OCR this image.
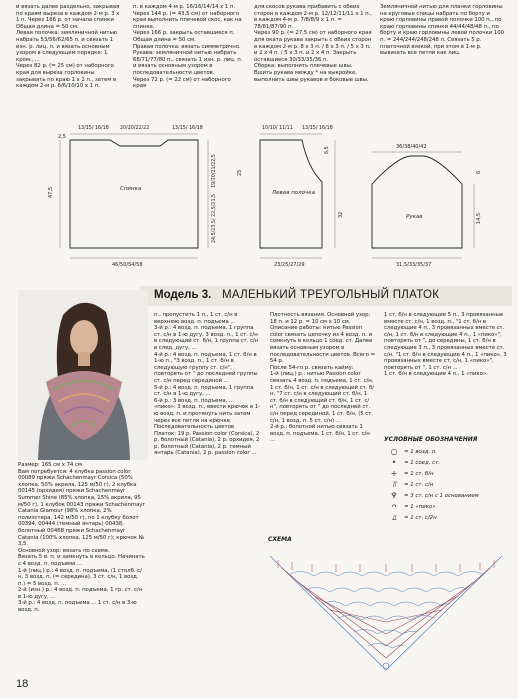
и вязать далее раздельно, закрывая по краям выреза в каждом 2-м р. 3 х 1 п. Через 166 р. от начала спинки Общая длина = 50 см.
Левая полочка: земляничной нитью набрать 53/56/62/65 п. и связать 1 изн. р. лиц. п. и вязать основным узором в следующем порядке: 1 кром., ...
Через 82 р. (= 25 см) от наборного края для выреза горловины закрывать по краю 1 х 1 п., затем в каждом 2-м р. 6/6/10/10 х 1 п.
п. в каждом 4-м р. 16/16/14/14 х 1 п. Через 144 р. (= 43,5 см) от наборного края выполнить плечевой скос, как на спинке.
Через 166 р. закрыть оставшиеся п. Общая длина = 50 см.
Правая полочка: вязать симметрично.
Рукава: земляничной нитью набрать 68/71/77/80 п., связать 1 изн. р. лиц. п. и вязать основным узором в последовательности цветов.
Через 72 р. (= 22 см) от наборного края
для скосов рукава прибавить с обеих сторон в каждом 2-м р. 12/12/11/11 х 1 п., в каждом 4-м р. 7/8/8/9 х 1 п. = 78/81/87/90 п.
Через 90 р. (= 27,5 см) от наборного края для оката рукава закрыть с обеих сторон в каждом 2-м р. 8 х 3 п. / 8 х 3 п. / 5 х 3 п. и 2 х 4 п. / 5 х 3 п. и 2 х 4 п. Закрыть оставшиеся 30/33/35/36 п.
Сборка: выполнить плечевые швы. Вшить рукава между * на выкройке, выполнить швы рукавов и боковые швы.
Земляничной нитью для планки горловины на круговые спицы набрать по борту и краю горловины правой полочки 100 п., по краю горловины спинки 44/44/48/48 п., по борту и краю горловины левой полочки 100 п. = 244/244/248/248 п. Связать 5 р. платочной вязкой, при этом в 1-м р. вывязать все петли как лиц.
Спинка
Левая полочка
Рукав
46/50/54/58	23/25/27/29	31,5/33/35/37
13/15/ 16/18 20/20/22/22	13/15/ 16/18	10/10/ 11/11 13/15/ 16/18
36/38/40/42
47,5
24,5/23,5/ 22,5/21,5
19/20/21/22,5	25
2,5
6,5
32	14,5
6
Модель 3. МАЛЕНЬКИЙ ТРЕУГОЛЬНЫЙ ПЛАТОК
Размер: 165 см х 74 см
Вам потребуется: 4 клубка passion color 00089 пряжи Schachenmayr Corsica (50% хлопка, 50% акрила, 125 м/50 г), 2 клубка 00145 (орхидея) пряжи Schachenmayr Summer Shine (85% хлопка, 15% акрила, 95 м/50 г), 1 клубок 00143 пряжи Schachenmayr Catania Glamour (98% хлопка, 2% полиэстера, 142 м/50 г), по 1 клубку болот 00394, 00444 (темный янтарь) 00438, болотный 00468 пряжи Schachenmayr Catania (100% хлопка, 125 м/50 г); крючок № 3,5.
Основной узор: вязать по схеме.
Вязать 5 в. п. и замкнуть в кольцо. Начинать с 4 возд. п. подъема ...
1-й (лиц.) р.: 4 возд. п. подъема, (1 столб. с/н, 3 возд. п. (= середина), 3 ст. с/н, 1 возд. п.) = 5 возд. п. ...
2-й (изн.) р.: 4 возд. п. подъема, 1 гр. ст. с/н в 1-ю дугу, ...
3-й р.: 4 возд. п. подъема ... 1 ст. с/н в 3-ю возд. п.
п., пропустить 1 п., 1 ст. с/н в верхнюю возд. п. подъема ...
3-й р.: 4 возд. п. подъема, 1 группа ст. с/н в 1-ю дугу, 3 возд. п., 1 ст. с/н в следующий ст. б/н, 1 группа ст. с/н в след. дугу, ...
4-й р.: 4 возд. п. подъема, 1 ст. б/н в 1-ю п., "3 возд. п., 1 ст. б/н в следующую группу ст. с/н", повторять от " до последней группы ст. с/н перед серединой ...
5-й р.: 4 возд. п. подъема, 1 группа ст. с/н в 1-ю дугу, ...
6-й р.: 3 возд. п. подъема, ...
«пико»: 3 возд. п., ввести крючок в 1-ю возд. п. и протянуть нить затем через все петли на крючке.
Последовательность цветов
Платок: 19 р. Passion color (Corsica), 2 р. болотный (Catania), 2 р. орхидея, 2 р. болотный (Catania), 2 р. темный янтарь (Catania), 2 р. passion color ...
Плотность вязания. Основной узор: 18 п. и 12 р. = 10 см х 10 см.
Описание работы: нитью Passion color связать цепочку из 4 возд. п. и сомкнуть в кольцо 1 соед. ст. Далее вязать основным узором в последовательности цветов. Всего = 54 р.
После 54-го р. связать кайму:
1-й (лиц.) р.: нитью Passion color связать 4 возд. п. подъема, 1 ст. с/н, 1 ст. б/н, 1 ст. с/н в следующий ст. б/н, "7 ст. с/н в следующий ст. б/н, 1 ст. б/н в следующий ст. б/н, 1 ст. с/н", повторять от " до последней ст. с/н перед серединой, 1 ст. б/н, (5 ст. с/н, 1 возд. п. 5 ст. с/н) ...
2-й р.: болотной нитью связать 1 возд. п. подъема, 1 ст. б/н, 1 ст. с/н ...
1 ст. б/н в следующие 5 п., 3 провязанные вместе ст. с/н, 1 возд. п., "1 ст. б/н в следующие 4 п., 3 провязанных вместе ст. с/н, 1 ст. б/н в следующие 4 п., 1 «пико»", повторять от ", до середины, 1 ст. б/н в следующие 3 п., 3 провязанных вместе ст. с/н, "1 ст. б/н в следующие 4 п., 1 «пико», 3 провязанных вместе ст. с/н, 1 «пико»", повторять от ", 1 ст. с/н ...
1 ст. б/н в следующие 4 п., 1 «пико».
УСЛОВНЫЕ ОБОЗНАЧЕНИЯ
○	= 1 возд. п.
•	= 1 соед. ст.
+	= 1 ст. б/н
⫪	= 1 ст. с/н
♆	= 3 ст. с/н с 1 основанием
ᴖ	= 1 «пико»
⫫	= 1 ст. с/2н
СХЕМА
18
